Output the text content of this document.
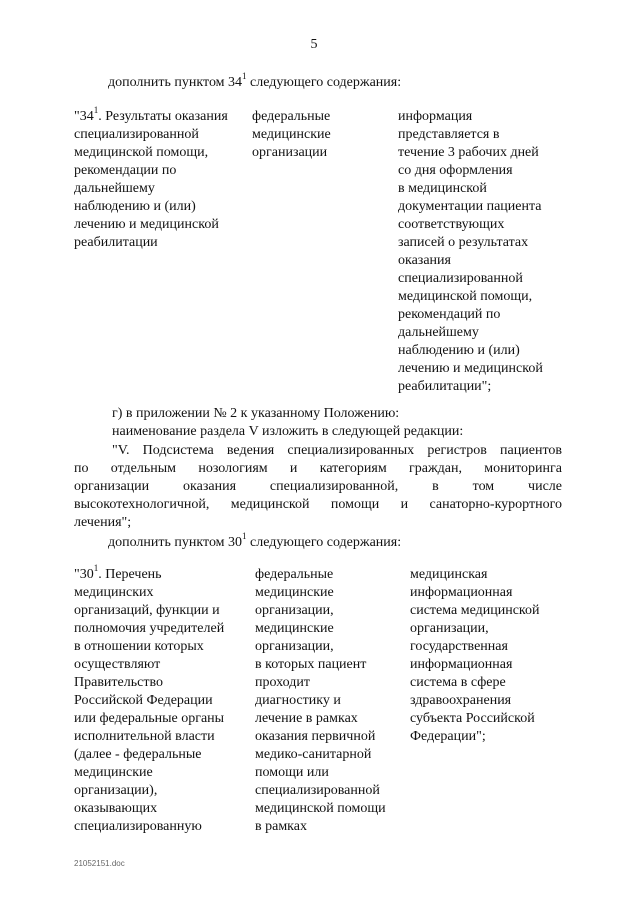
5
дополнить пунктом $34^1$ следующего содержания:
"$34^1$. Результаты оказания
специализированной
медицинской помощи,
рекомендации по
дальнейшему
наблюдению и (или)
лечению и медицинской
реабилитации
федеральные
медицинские
организации
информация
представляется в
течение 3 рабочих дней
со дня оформления
в медицинской
документации пациента
соответствующих
записей о результатах
оказания
специализированной
медицинской помощи,
рекомендаций по
дальнейшему
наблюдению и (или)
лечению и медицинской
реабилитации";
г) в приложении № 2 к указанному Положению:
наименование раздела V изложить в следующей редакции:
"V. Подсистема ведения специализированных регистров пациентов
по отдельным нозологиям и категориям граждан, мониторинга
организации оказания специализированной, в том числе
высокотехнологичной, медицинской помощи и санаторно-курортного
лечения";
дополнить пунктом $30^1$ следующего содержания:
"$30^1$. Перечень
медицинских
организаций, функции и
полномочия учредителей
в отношении которых
осуществляют
Правительство
Российской Федерации
или федеральные органы
исполнительной власти
(далее - федеральные
медицинские
организации),
оказывающих
специализированную
федеральные
медицинские
организации,
медицинские
организации,
в которых пациент
проходит
диагностику и
лечение в рамках
оказания первичной
медико-санитарной
помощи или
специализированной
медицинской помощи
в рамках
медицинская
информационная
система медицинской
организации,
государственная
информационная
система в сфере
здравоохранения
субъекта Российской
Федерации";
21052151.doc
